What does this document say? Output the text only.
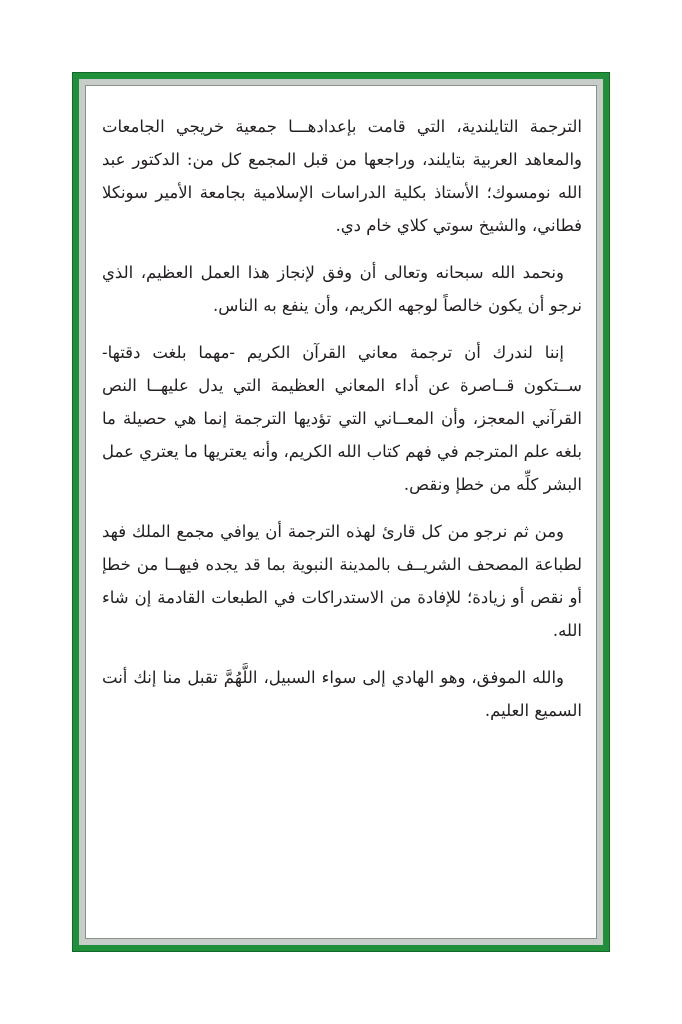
الترجمة التايلندية، التي قامت بإعدادهـــا جمعية خريجي الجامعات والمعاهد العربية بتايلند، وراجعها من قبل المجمع كل من: الدكتور عبد الله نومسوك؛ الأستاذ بكلية الدراسات الإسلامية بجامعة الأمير سونكلا فطاني، والشيخ سوتي كلاي خام دي.

ونحمد الله سبحانه وتعالى أن وفق لإنجاز هذا العمل العظيم، الذي نرجو أن يكون خالصاً لوجهه الكريم، وأن ينفع به الناس.

إننا لندرك أن ترجمة معاني القرآن الكريم -مهما بلغت دقتها- ســتكون قــاصرة عن أداء المعاني العظيمة التي يدل عليهــا النص القرآني المعجز، وأن المعــاني التي تؤديها الترجمة إنما هي حصيلة ما بلغه علم المترجم في فهم كتاب الله الكريم، وأنه يعتريها ما يعتري عمل البشر كلِّه من خطإ ونقص.

ومن ثم نرجو من كل قارئ لهذه الترجمة أن يوافي مجمع الملك فهد لطباعة المصحف الشريــف بالمدينة النبوية بما قد يجده فيهــا من خطإ أو نقص أو زيادة؛ للإفادة من الاستدراكات في الطبعات القادمة إن شاء الله.

والله الموفق، وهو الهادي إلى سواء السبيل، اللَّهُمَّ تقبل منا إنك أنت السميع العليم.
